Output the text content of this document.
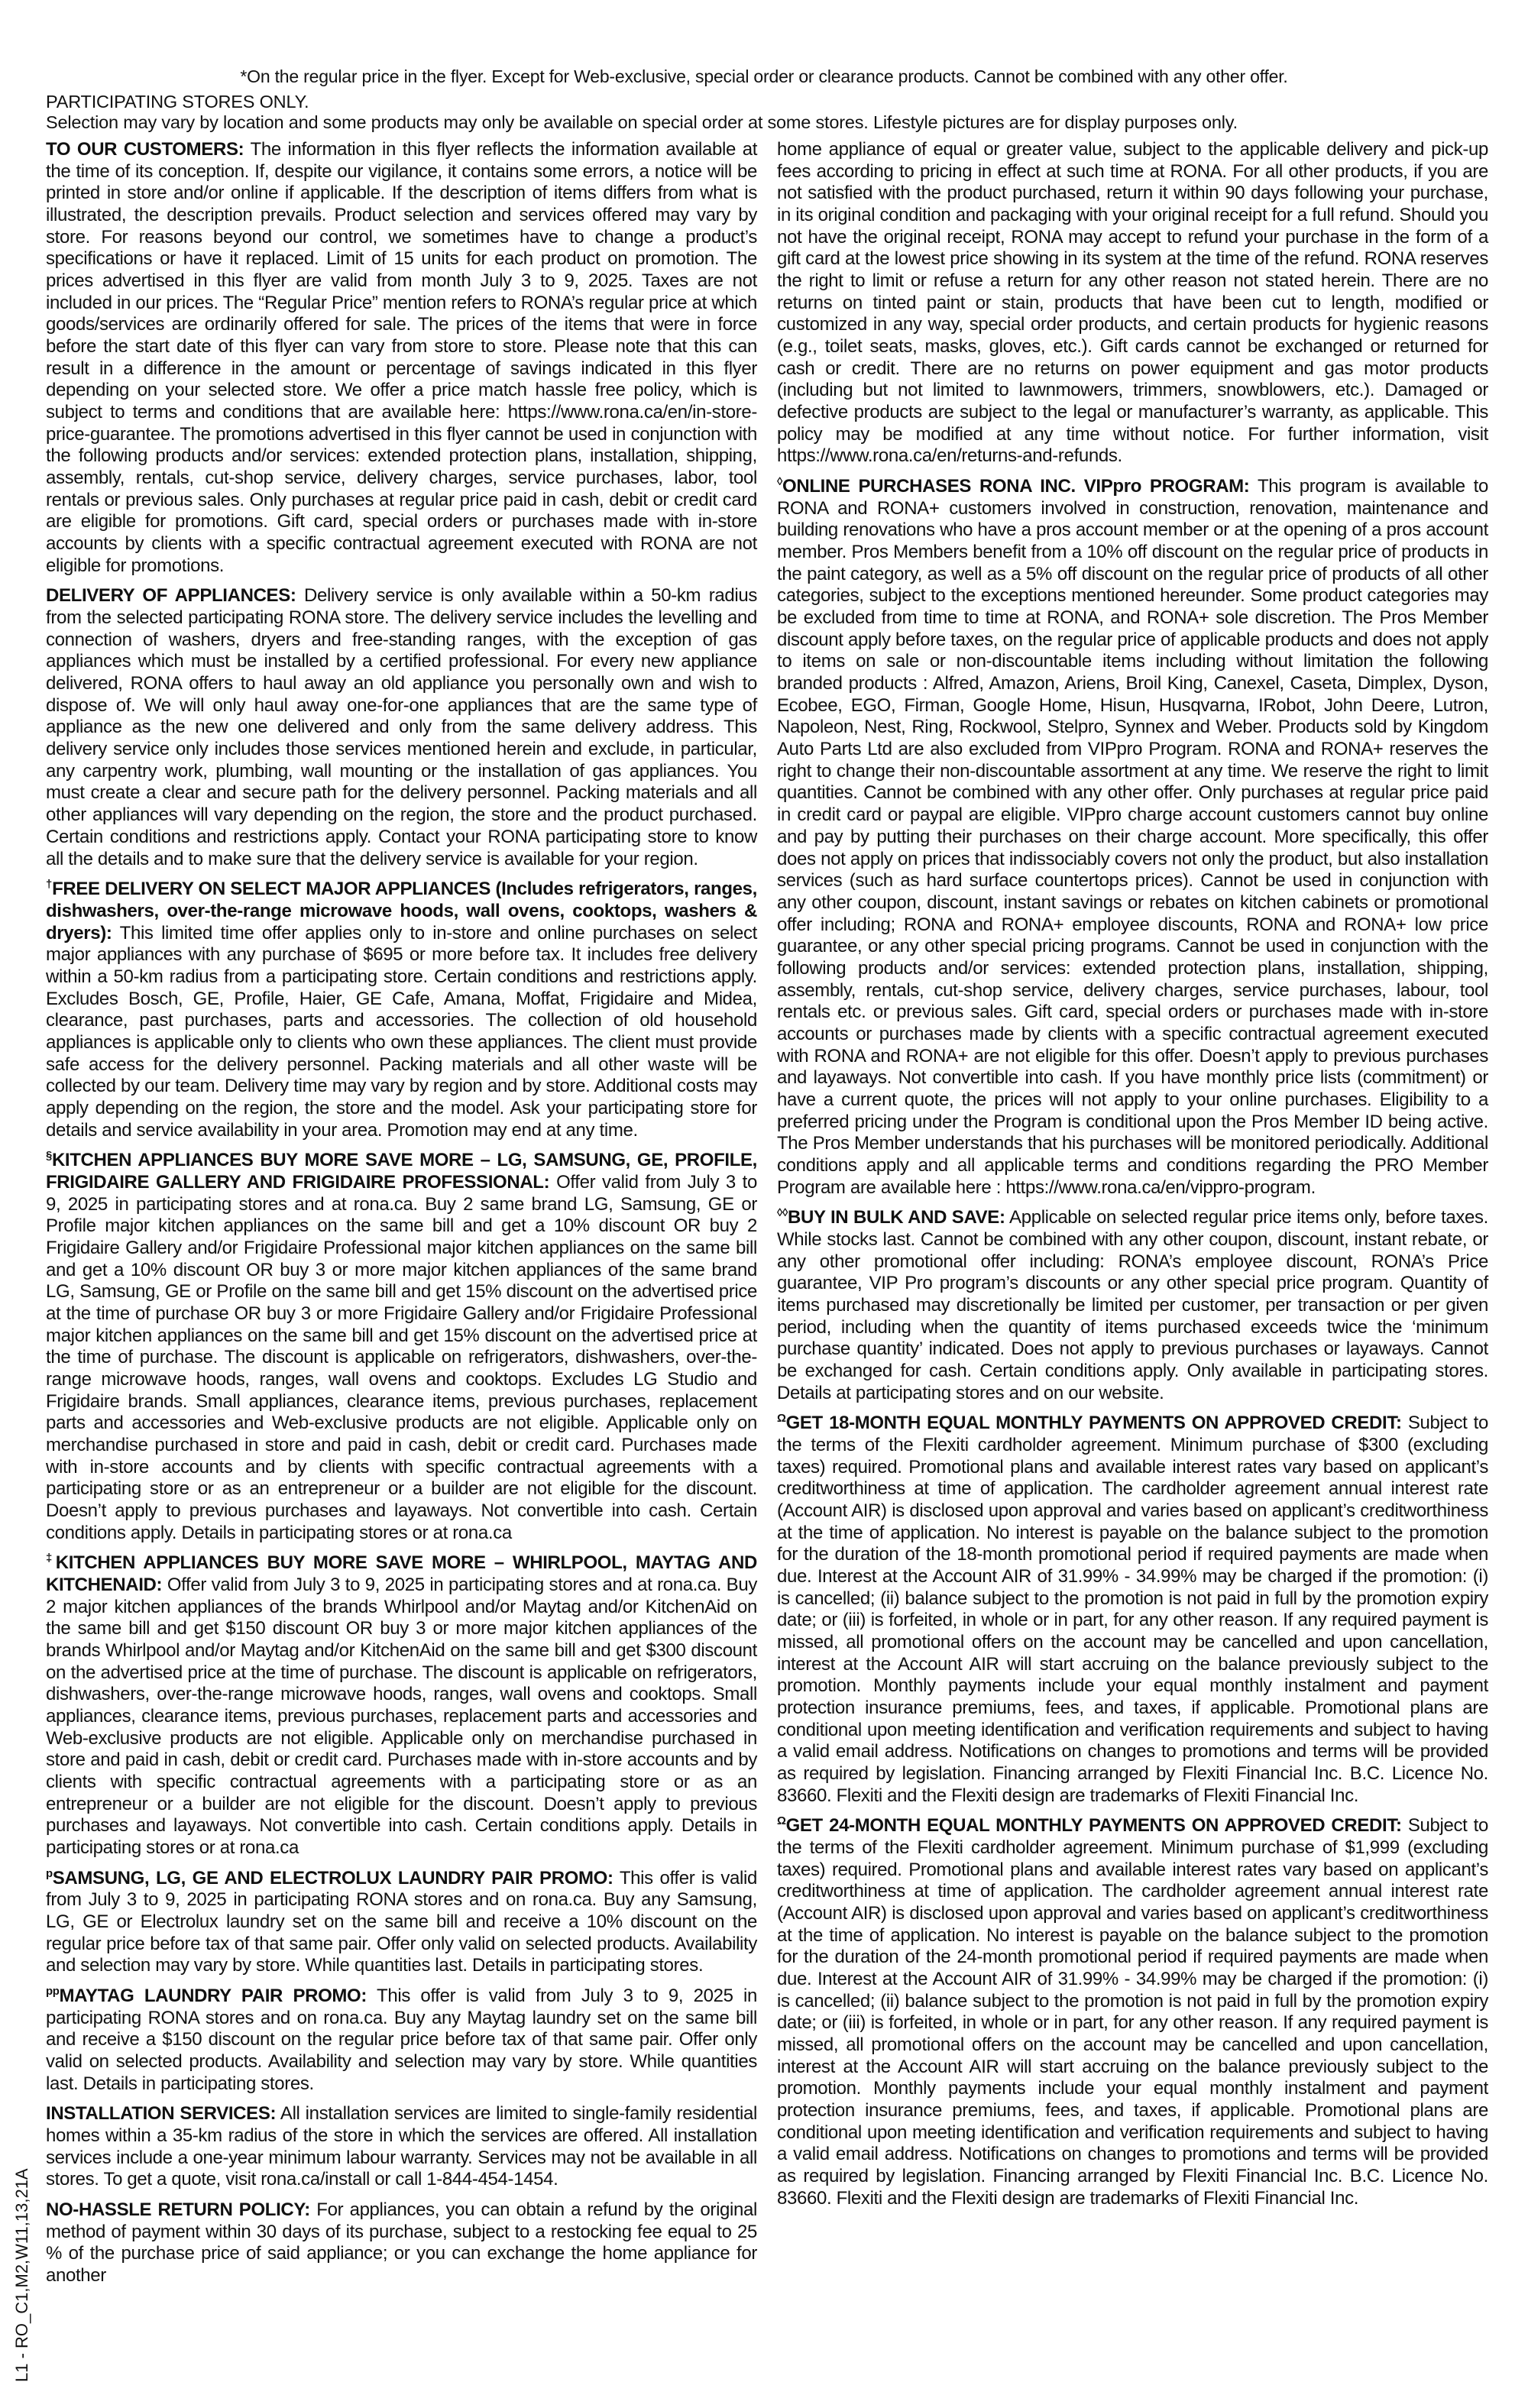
*On the regular price in the flyer. Except for Web-exclusive, special order or clearance products. Cannot be combined with any other offer.
PARTICIPATING STORES ONLY.
Selection may vary by location and some products may only be available on special order at some stores. Lifestyle pictures are for display purposes only.

TO OUR CUSTOMERS: The information in this flyer reflects the information available at the time of its conception. If, despite our vigilance, it contains some errors, a notice will be printed in store and/or online if applicable. If the description of items differs from what is illustrated, the description prevails. Product selection and services offered may vary by store. For reasons beyond our control, we sometimes have to change a product’s specifications or have it replaced. Limit of 15 units for each product on promotion. The prices advertised in this flyer are valid from month July 3 to 9, 2025. Taxes are not included in our prices. The “Regular Price” mention refers to RONA’s regular price at which goods/services are ordinarily offered for sale. The prices of the items that were in force before the start date of this flyer can vary from store to store. Please note that this can result in a difference in the amount or percentage of savings indicated in this flyer depending on your selected store. We offer a price match hassle free policy, which is subject to terms and conditions that are available here: https://www.rona.ca/en/in-store-price-guarantee. The promotions advertised in this flyer cannot be used in conjunction with the following products and/or services: extended protection plans, installation, shipping, assembly, rentals, cut-shop service, delivery charges, service purchases, labor, tool rentals or previous sales. Only purchases at regular price paid in cash, debit or credit card are eligible for promotions. Gift card, special orders or purchases made with in-store accounts by clients with a specific contractual agreement executed with RONA are not eligible for promotions.

DELIVERY OF APPLIANCES: Delivery service is only available within a 50-km radius from the selected participating RONA store. The delivery service includes the levelling and connection of washers, dryers and free-standing ranges, with the exception of gas appliances which must be installed by a certified professional. For every new appliance delivered, RONA offers to haul away an old appliance you personally own and wish to dispose of. We will only haul away one-for-one appliances that are the same type of appliance as the new one delivered and only from the same delivery address. This delivery service only includes those services mentioned herein and exclude, in particular, any carpentry work, plumbing, wall mounting or the installation of gas appliances. You must create a clear and secure path for the delivery personnel. Packing materials and all other appliances will vary depending on the region, the store and the product purchased. Certain conditions and restrictions apply. Contact your RONA participating store to know all the details and to make sure that the delivery service is available for your region.

†FREE DELIVERY ON SELECT MAJOR APPLIANCES (Includes refrigerators, ranges, dishwashers, over-the-range microwave hoods, wall ovens, cooktops, washers & dryers): This limited time offer applies only to in-store and online purchases on select major appliances with any purchase of $695 or more before tax. It includes free delivery within a 50-km radius from a participating store. Certain conditions and restrictions apply. Excludes Bosch, GE, Profile, Haier, GE Cafe, Amana, Moffat, Frigidaire and Midea, clearance, past purchases, parts and accessories. The collection of old household appliances is applicable only to clients who own these appliances. The client must provide safe access for the delivery personnel. Packing materials and all other waste will be collected by our team. Delivery time may vary by region and by store. Additional costs may apply depending on the region, the store and the model. Ask your participating store for details and service availability in your area. Promotion may end at any time.

§KITCHEN APPLIANCES BUY MORE SAVE MORE – LG, SAMSUNG, GE, PROFILE, FRIGIDAIRE GALLERY AND FRIGIDAIRE PROFESSIONAL: Offer valid from July 3 to 9, 2025 in participating stores and at rona.ca. Buy 2 same brand LG, Samsung, GE or Profile major kitchen appliances on the same bill and get a 10% discount OR buy 2 Frigidaire Gallery and/or Frigidaire Professional major kitchen appliances on the same bill and get a 10% discount OR buy 3 or more major kitchen appliances of the same brand LG, Samsung, GE or Profile on the same bill and get 15% discount on the advertised price at the time of purchase OR buy 3 or more Frigidaire Gallery and/or Frigidaire Professional major kitchen appliances on the same bill and get 15% discount on the advertised price at the time of purchase. The discount is applicable on refrigerators, dishwashers, over-the-range microwave hoods, ranges, wall ovens and cooktops. Excludes LG Studio and Frigidaire brands. Small appliances, clearance items, previous purchases, replacement parts and accessories and Web-exclusive products are not eligible. Applicable only on merchandise purchased in store and paid in cash, debit or credit card. Purchases made with in-store accounts and by clients with specific contractual agreements with a participating store or as an entrepreneur or a builder are not eligible for the discount. Doesn’t apply to previous purchases and layaways. Not convertible into cash. Certain conditions apply. Details in participating stores or at rona.ca

‡KITCHEN APPLIANCES BUY MORE SAVE MORE – WHIRLPOOL, MAYTAG AND KITCHENAID: Offer valid from July 3 to 9, 2025 in participating stores and at rona.ca. Buy 2 major kitchen appliances of the brands Whirlpool and/or Maytag and/or KitchenAid on the same bill and get $150 discount OR buy 3 or more major kitchen appliances of the brands Whirlpool and/or Maytag and/or KitchenAid on the same bill and get $300 discount on the advertised price at the time of purchase. The discount is applicable on refrigerators, dishwashers, over-the-range microwave hoods, ranges, wall ovens and cooktops. Small appliances, clearance items, previous purchases, replacement parts and accessories and Web-exclusive products are not eligible. Applicable only on merchandise purchased in store and paid in cash, debit or credit card. Purchases made with in-store accounts and by clients with specific contractual agreements with a participating store or as an entrepreneur or a builder are not eligible for the discount. Doesn’t apply to previous purchases and layaways. Not convertible into cash. Certain conditions apply. Details in participating stores or at rona.ca

$^p$SAMSUNG, LG, GE AND ELECTROLUX LAUNDRY PAIR PROMO: This offer is valid from July 3 to 9, 2025 in participating RONA stores and on rona.ca. Buy any Samsung, LG, GE or Electrolux laundry set on the same bill and receive a 10% discount on the regular price before tax of that same pair. Offer only valid on selected products. Availability and selection may vary by store. While quantities last. Details in participating stores.

$^{pp}$MAYTAG LAUNDRY PAIR PROMO: This offer is valid from July 3 to 9, 2025 in participating RONA stores and on rona.ca. Buy any Maytag laundry set on the same bill and receive a $150 discount on the regular price before tax of that same pair. Offer only valid on selected products. Availability and selection may vary by store. While quantities last. Details in participating stores.

INSTALLATION SERVICES: All installation services are limited to single-family residential homes within a 35-km radius of the store in which the services are offered. All installation services include a one-year minimum labour warranty. Services may not be available in all stores. To get a quote, visit rona.ca/install or call 1-844-454-1454.

NO-HASSLE RETURN POLICY: For appliances, you can obtain a refund by the original method of payment within 30 days of its purchase, subject to a restocking fee equal to 25 % of the purchase price of said appliance; or you can exchange the home appliance for another

home appliance of equal or greater value, subject to the applicable delivery and pick-up fees according to pricing in effect at such time at RONA. For all other products, if you are not satisfied with the product purchased, return it within 90 days following your purchase, in its original condition and packaging with your original receipt for a full refund. Should you not have the original receipt, RONA may accept to refund your purchase in the form of a gift card at the lowest price showing in its system at the time of the refund. RONA reserves the right to limit or refuse a return for any other reason not stated herein. There are no returns on tinted paint or stain, products that have been cut to length, modified or customized in any way, special order products, and certain products for hygienic reasons (e.g., toilet seats, masks, gloves, etc.). Gift cards cannot be exchanged or returned for cash or credit. There are no returns on power equipment and gas motor products (including but not limited to lawnmowers, trimmers, snowblowers, etc.). Damaged or defective products are subject to the legal or manufacturer’s warranty, as applicable. This policy may be modified at any time without notice. For further information, visit https://www.rona.ca/en/returns-and-refunds.

◊ONLINE PURCHASES RONA INC. VIPpro PROGRAM: This program is available to RONA and RONA+ customers involved in construction, renovation, maintenance and building renovations who have a pros account member or at the opening of a pros account member. Pros Members benefit from a 10% off discount on the regular price of products in the paint category, as well as a 5% off discount on the regular price of products of all other categories, subject to the exceptions mentioned hereunder. Some product categories may be excluded from time to time at RONA, and RONA+ sole discretion. The Pros Member discount apply before taxes, on the regular price of applicable products and does not apply to items on sale or non-discountable items including without limitation the following branded products : Alfred, Amazon, Ariens, Broil King, Canexel, Caseta, Dimplex, Dyson, Ecobee, EGO, Firman, Google Home, Hisun, Husqvarna, IRobot, John Deere, Lutron, Napoleon, Nest, Ring, Rockwool, Stelpro, Synnex and Weber. Products sold by Kingdom Auto Parts Ltd are also excluded from VIPpro Program. RONA and RONA+ reserves the right to change their non-discountable assortment at any time. We reserve the right to limit quantities. Cannot be combined with any other offer. Only purchases at regular price paid in credit card or paypal are eligible. VIPpro charge account customers cannot buy online and pay by putting their purchases on their charge account. More specifically, this offer does not apply on prices that indissociably covers not only the product, but also installation services (such as hard surface countertops prices). Cannot be used in conjunction with any other coupon, discount, instant savings or rebates on kitchen cabinets or promotional offer including; RONA and RONA+ employee discounts, RONA and RONA+ low price guarantee, or any other special pricing programs. Cannot be used in conjunction with the following products and/or services: extended protection plans, installation, shipping, assembly, rentals, cut-shop service, delivery charges, service purchases, labour, tool rentals etc. or previous sales. Gift card, special orders or purchases made with in-store accounts or purchases made by clients with a specific contractual agreement executed with RONA and RONA+ are not eligible for this offer. Doesn’t apply to previous purchases and layaways. Not convertible into cash. If you have monthly price lists (commitment) or have a current quote, the prices will not apply to your online purchases. Eligibility to a preferred pricing under the Program is conditional upon the Pros Member ID being active. The Pros Member understands that his purchases will be monitored periodically. Additional conditions apply and all applicable terms and conditions regarding the PRO Member Program are available here : https://www.rona.ca/en/vippro-program.

◊◊BUY IN BULK AND SAVE: Applicable on selected regular price items only, before taxes. While stocks last. Cannot be combined with any other coupon, discount, instant rebate, or any other promotional offer including: RONA’s employee discount, RONA’s Price guarantee, VIP Pro program’s discounts or any other special price program. Quantity of items purchased may discretionally be limited per customer, per transaction or per given period, including when the quantity of items purchased exceeds twice the ‘minimum purchase quantity’ indicated. Does not apply to previous purchases or layaways. Cannot be exchanged for cash. Certain conditions apply. Only available in participating stores. Details at participating stores and on our website.

$^\Omega$GET 18-MONTH EQUAL MONTHLY PAYMENTS ON APPROVED CREDIT: Subject to the terms of the Flexiti cardholder agreement. Minimum purchase of $300 (excluding taxes) required. Promotional plans and available interest rates vary based on applicant’s creditworthiness at time of application. The cardholder agreement annual interest rate (Account AIR) is disclosed upon approval and varies based on applicant’s creditworthiness at the time of application. No interest is payable on the balance subject to the promotion for the duration of the 18-month promotional period if required payments are made when due. Interest at the Account AIR of 31.99% - 34.99% may be charged if the promotion: (i) is cancelled; (ii) balance subject to the promotion is not paid in full by the promotion expiry date; or (iii) is forfeited, in whole or in part, for any other reason. If any required payment is missed, all promotional offers on the account may be cancelled and upon cancellation, interest at the Account AIR will start accruing on the balance previously subject to the promotion. Monthly payments include your equal monthly instalment and payment protection insurance premiums, fees, and taxes, if applicable. Promotional plans are conditional upon meeting identification and verification requirements and subject to having a valid email address. Notifications on changes to promotions and terms will be provided as required by legislation. Financing arranged by Flexiti Financial Inc. B.C. Licence No. 83660. Flexiti and the Flexiti design are trademarks of Flexiti Financial Inc.

$^\Omega$GET 24-MONTH EQUAL MONTHLY PAYMENTS ON APPROVED CREDIT: Subject to the terms of the Flexiti cardholder agreement. Minimum purchase of $1,999 (excluding taxes) required. Promotional plans and available interest rates vary based on applicant’s creditworthiness at time of application. The cardholder agreement annual interest rate (Account AIR) is disclosed upon approval and varies based on applicant’s creditworthiness at the time of application. No interest is payable on the balance subject to the promotion for the duration of the 24-month promotional period if required payments are made when due. Interest at the Account AIR of 31.99% - 34.99% may be charged if the promotion: (i) is cancelled; (ii) balance subject to the promotion is not paid in full by the promotion expiry date; or (iii) is forfeited, in whole or in part, for any other reason. If any required payment is missed, all promotional offers on the account may be cancelled and upon cancellation, interest at the Account AIR will start accruing on the balance previously subject to the promotion. Monthly payments include your equal monthly instalment and payment protection insurance premiums, fees, and taxes, if applicable. Promotional plans are conditional upon meeting identification and verification requirements and subject to having a valid email address. Notifications on changes to promotions and terms will be provided as required by legislation. Financing arranged by Flexiti Financial Inc. B.C. Licence No. 83660. Flexiti and the Flexiti design are trademarks of Flexiti Financial Inc.

L1 - RO_C1,M2,W11,13,21A
